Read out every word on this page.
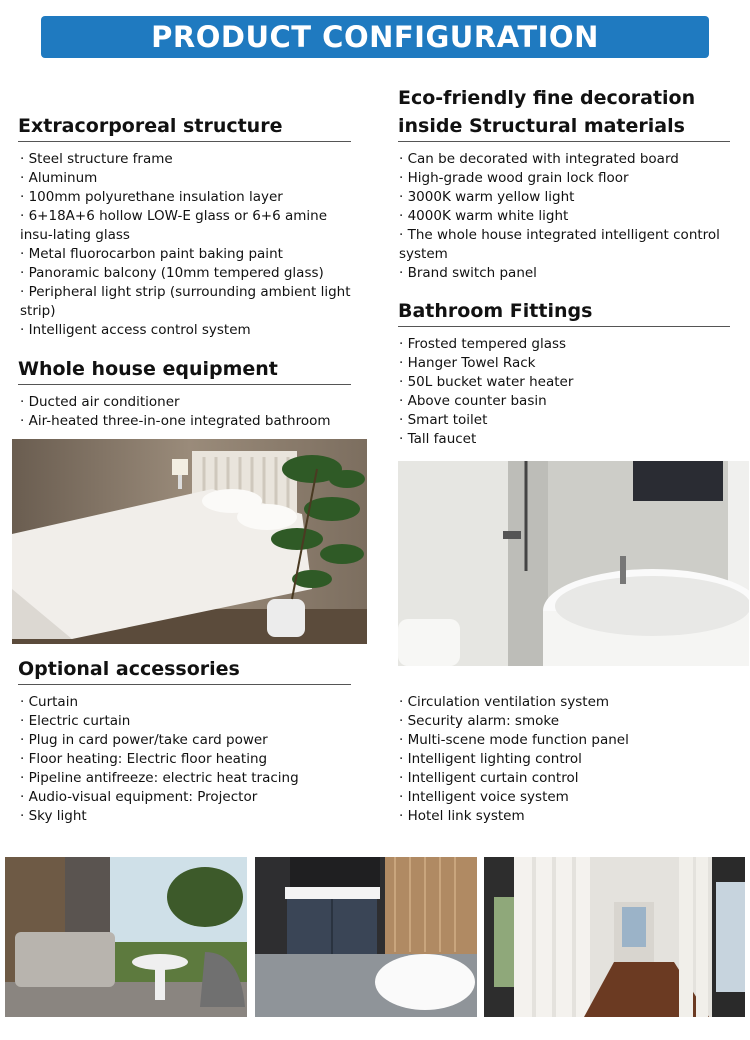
PRODUCT CONFIGURATION
Extracorporeal structure
· Steel structure frame
· Aluminum
· 100mm polyurethane insulation layer
· 6+18A+6 hollow LOW-E glass or 6+6 amine insu-lating glass
· Metal fluorocarbon paint baking paint
· Panoramic balcony (10mm tempered glass)
· Peripheral light strip (surrounding ambient light strip)
· Intelligent access control system
Eco-friendly fine decoration
inside Structural materials
· Can be decorated with integrated board
· High-grade wood grain lock floor
· 3000K warm yellow light
· 4000K warm white light
· The whole house integrated intelligent control system
· Brand switch panel
Whole house equipment
· Ducted air conditioner
· Air-heated three-in-one integrated bathroom
Bathroom Fittings
· Frosted tempered glass
· Hanger Towel Rack
· 50L bucket water heater
· Above counter basin
· Smart toilet
· Tall faucet
Optional accessories
· Curtain
· Electric curtain
· Plug in card power/take card power
· Floor heating: Electric floor heating
· Pipeline antifreeze: electric heat tracing
· Audio-visual equipment: Projector
· Sky light
· Circulation ventilation system
· Security alarm: smoke
· Multi-scene mode function panel
· Intelligent lighting control
· Intelligent curtain control
· Intelligent voice system
· Hotel link system
